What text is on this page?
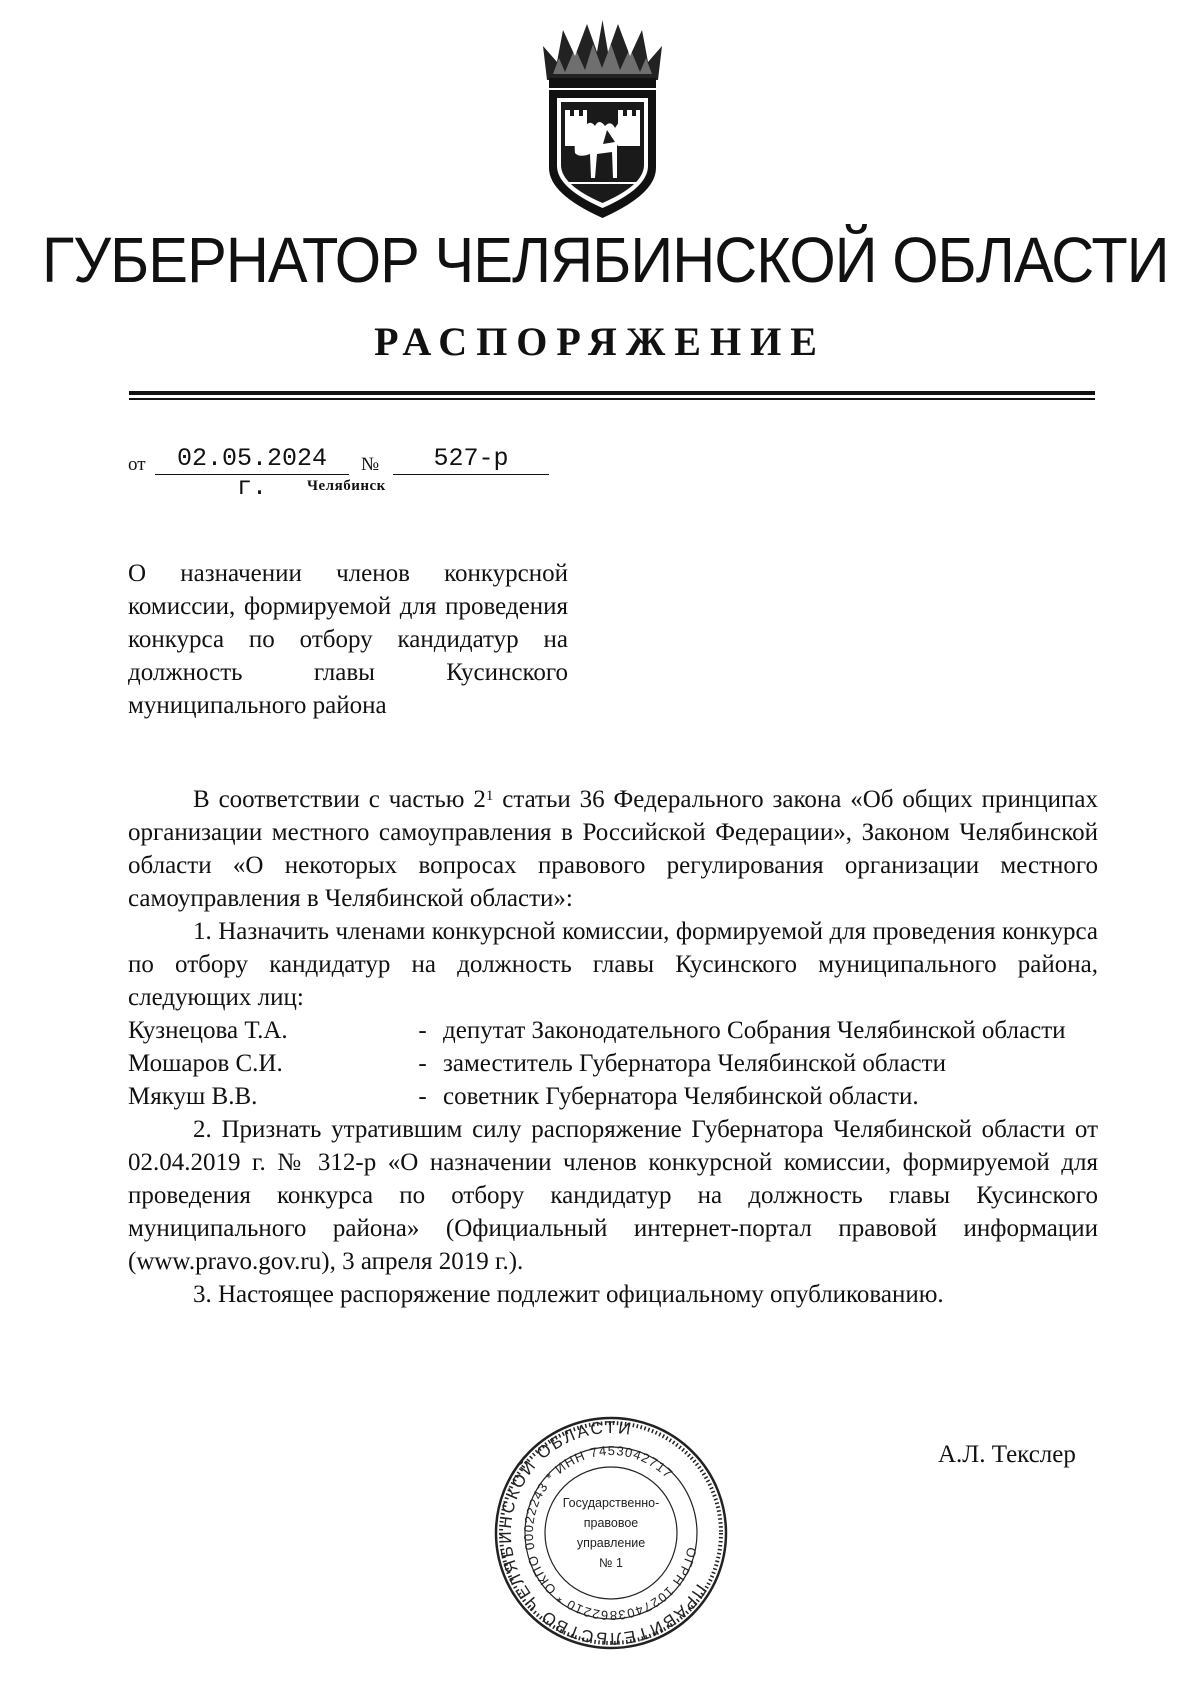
ГУБЕРНАТОР ЧЕЛЯБИНСКОЙ ОБЛАСТИ
РАСПОРЯЖЕНИЕ
от	02.05.2024 г.
№	527-р
Челябинск
О назначении членов конкурсной комиссии, формируемой для проведения конкурса по отбору кандидатур на должность главы Кусинского муниципального района

В соответствии с частью $2^1$ статьи 36 Федерального закона «Об общих принципах организации местного самоуправления в Российской Федерации», Законом Челябинской области «О некоторых вопросах правового регулирования организации местного самоуправления в Челябинской области»:

1. Назначить членами конкурсной комиссии, формируемой для проведения конкурса по отбору кандидатур на должность главы Кусинского муниципального района, следующих лиц:

Кузнецова Т.А.	- депутат Законодательного Собрания Челябинской области
Мошаров С.И.	- заместитель Губернатора Челябинской области
Мякуш В.В.	- советник Губернатора Челябинской области.

2. Признать утратившим силу распоряжение Губернатора Челябинской области от 02.04.2019 г. № 312-р «О назначении членов конкурсной комиссии, формируемой для проведения конкурса по отбору кандидатур на должность главы Кусинского муниципального района» (Официальный интернет-портал правовой информации (www.pravo.gov.ru), 3 апреля 2019 г.).

3. Настоящее распоряжение подлежит официальному опубликованию.

ПРАВИТЕЛЬСТВО ЧЕЛЯБИНСКОЙ ОБЛАСТИ
ОГРН 1027403862210 * ОКПО 00022243 * ИНН 7453042717
Государственно-
правовое
управление
№ 1
А.Л. Текслер
